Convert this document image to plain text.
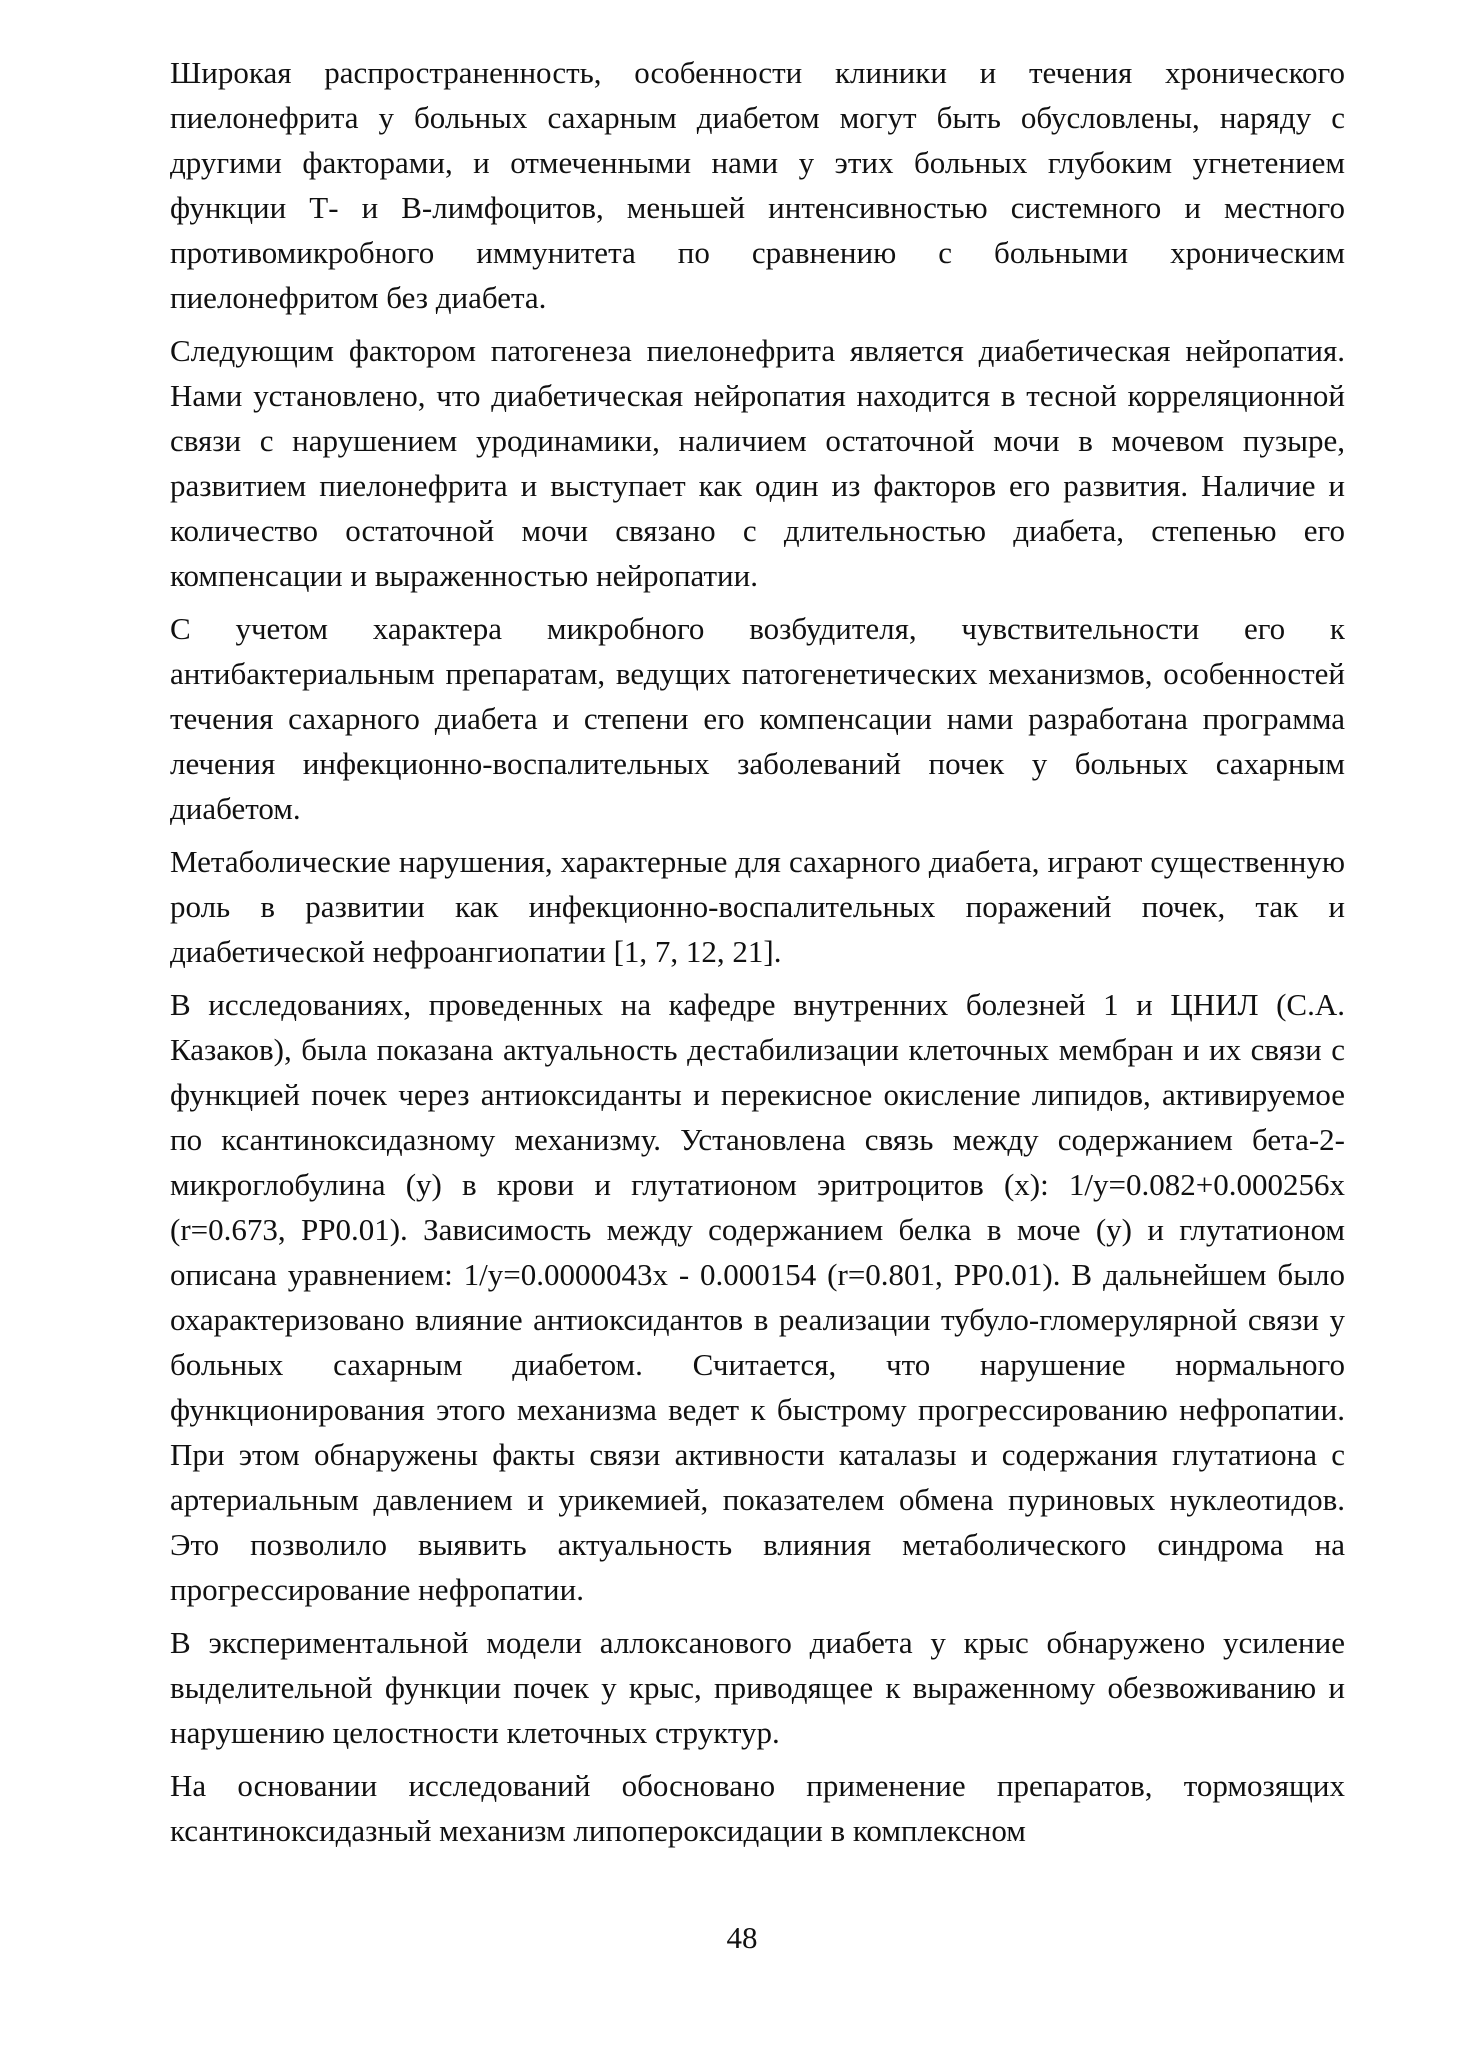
Широкая распространенность, особенности клиники и течения хронического пиелонефрита у больных сахарным диабетом могут быть обусловлены, наряду с другими факторами, и отмеченными нами у этих больных глубоким угнетением функции Т- и В-лимфоцитов, меньшей интенсивностью системного и местного противомикробного иммунитета по сравнению с больными хроническим пиелонефритом без диабета.

Следующим фактором патогенеза пиелонефрита является диабетическая нейропатия. Нами установлено, что диабетическая нейропатия находится в тесной корреляционной связи с нарушением уродинамики, наличием остаточной мочи в мочевом пузыре, развитием пиелонефрита и выступает как один из факторов его развития. Наличие и количество остаточной мочи связано с длительностью диабета, степенью его компенсации и выраженностью нейропатии.

С учетом характера микробного возбудителя, чувствительности его к антибактериальным препаратам, ведущих патогенетических механизмов, особенностей течения сахарного диабета и степени его компенсации нами разработана программа лечения инфекционно-воспалительных заболеваний почек у больных сахарным диабетом.

Метаболические нарушения, характерные для сахарного диабета, играют существенную роль в развитии как инфекционно-воспалительных поражений почек, так и диабетической нефроангиопатии [1, 7, 12, 21].

В исследованиях, проведенных на кафедре внутренних болезней 1 и ЦНИЛ (С.А. Казаков), была показана актуальность дестабилизации клеточных мембран и их связи с функцией почек через антиоксиданты и перекисное окисление липидов, активируемое по ксантиноксидазному механизму. Установлена связь между содержанием бета-2-микроглобулина (у) в крови и глутатионом эритроцитов (х): 1/у=0.082+0.000256х (r=0.673, РР0.01). Зависимость между содержанием белка в моче (у) и глутатионом описана уравнением: 1/у=0.0000043х - 0.000154 (r=0.801, РР0.01). В дальнейшем было охарактеризовано влияние антиоксидантов в реализации тубуло-гломерулярной связи у больных сахарным диабетом. Считается, что нарушение нормального функционирования этого механизма ведет к быстрому прогрессированию нефропатии. При этом обнаружены факты связи активности каталазы и содержания глутатиона с артериальным давлением и урикемией, показателем обмена пуриновых нуклеотидов. Это позволило выявить актуальность влияния метаболического синдрома на прогрессирование нефропатии.

В экспериментальной модели аллоксанового диабета у крыс обнаружено усиление выделительной функции почек у крыс, приводящее к выраженному обезвоживанию и нарушению целостности клеточных структур.

На основании исследований обосновано применение препаратов, тормозящих ксантиноксидазный механизм липопероксидации в комплексном

48
